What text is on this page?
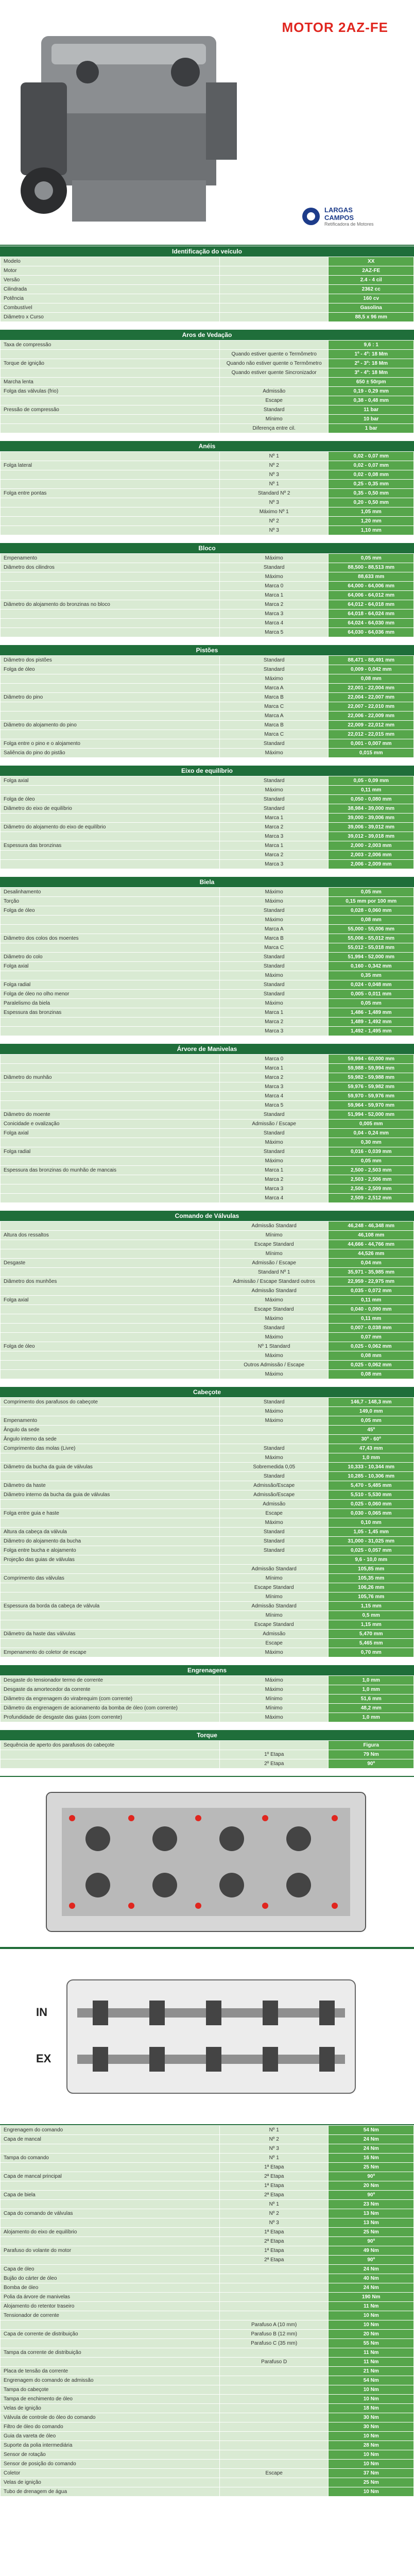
MOTOR 2AZ-FE
LARGAS
CAMPOS
Retificadora de Motores
Identificação do veículo
Modelo		XX
Motor		2AZ-FE
Versão		2.4 - 4 cil
Cilindrada		2362 cc
Potência		160 cv
Combustível		Gasolina
Diâmetro x Curso		88,5 x 96 mm
Aros de Vedação
Taxa de compressão		9,6 : 1
	Quando estiver quente o Termômetro	1º - 4º: 18 Mm
Torque de ignição	Quando não estiver quente o Termômetro	2º - 3º: 18 Mm
	Quando estiver quente Sincronizador	3º - 4º: 18 Mm
Marcha lenta		650 ± 50rpm
Folga das válvulas (frio)	Admissão	0,19 - 0,29 mm
	Escape	0,38 - 0,48 mm
Pressão de compressão	Standard	11 bar
	Mínimo	10 bar
	Diferença entre cil.	1 bar
Anéis
	Nº 1	0,02 - 0,07 mm
Folga lateral	Nº 2	0,02 - 0,07 mm
	Nº 3	0,02 - 0,08 mm
	Nº 1	0,25 - 0,35 mm
Folga entre pontas	Standard Nº 2	0,35 - 0,50 mm
	Nº 3	0,20 - 0,50 mm
	Máximo Nº 1	1,05 mm
	Nº 2	1,20 mm
	Nº 3	1,10 mm
Bloco
Empenamento	Máximo	0,05 mm
Diâmetro dos cilindros	Standard	88,500 - 88,513 mm
	Máximo	88,633 mm
	Marca 0	64,000 - 64,006 mm
	Marca 1	64,006 - 64,012 mm
Diâmetro do alojamento do bronzinas no bloco	Marca 2	64,012 - 64,018 mm
	Marca 3	64,018 - 64,024 mm
	Marca 4	64,024 - 64,030 mm
	Marca 5	64,030 - 64,036 mm
Pistões
Diâmetro dos pistões	Standard	88,471 - 88,491 mm
Folga de óleo	Standard	0,009 - 0,042 mm
	Máximo	0,08 mm
	Marca A	22,001 - 22,004 mm
Diâmetro do pino	Marca B	22,004 - 22,007 mm
	Marca C	22,007 - 22,010 mm
	Marca A	22,006 - 22,009 mm
Diâmetro do alojamento do pino	Marca B	22,009 - 22,012 mm
	Marca C	22,012 - 22,015 mm
Folga entre o pino e o alojamento	Standard	0,001 - 0,007 mm
Saliência do pino do pistão	Máximo	0,015 mm
Eixo de equilíbrio
Folga axial	Standard	0,05 - 0,09 mm
	Máximo	0,11 mm
Folga de óleo	Standard	0,050 - 0,080 mm
Diâmetro do eixo de equilíbrio	Standard	38,984 - 39,000 mm
	Marca 1	39,000 - 39,006 mm
Diâmetro do alojamento do eixo de equilíbrio	Marca 2	39,006 - 39,012 mm
	Marca 3	39,012 - 39,018 mm
Espessura das bronzinas	Marca 1	2,000 - 2,003 mm
	Marca 2	2,003 - 2,006 mm
	Marca 3	2,006 - 2,009 mm
Biela
Desalinhamento	Máximo	0,05 mm
Torção	Máximo	0,15 mm por 100 mm
Folga de óleo	Standard	0,028 - 0,060 mm
	Máximo	0,08 mm
	Marca A	55,000 - 55,006 mm
Diâmetro dos colos dos moentes	Marca B	55,006 - 55,012 mm
	Marca C	55,012 - 55,018 mm
Diâmetro do colo	Standard	51,994 - 52,000 mm
Folga axial	Standard	0,160 - 0,342 mm
	Máximo	0,35 mm
Folga radial	Standard	0,024 - 0,048 mm
Folga de óleo no olho menor	Standard	0,005 - 0,011 mm
Paralelismo da biela	Máximo	0,05 mm
Espessura das bronzinas	Marca 1	1,486 - 1,489 mm
	Marca 2	1,489 - 1,492 mm
	Marca 3	1,492 - 1,495 mm
Árvore de Manivelas
	Marca 0	59,994 - 60,000 mm
	Marca 1	59,988 - 59,994 mm
Diâmetro do munhão	Marca 2	59,982 - 59,988 mm
	Marca 3	59,976 - 59,982 mm
	Marca 4	59,970 - 59,976 mm
	Marca 5	59,964 - 59,970 mm
Diâmetro do moente	Standard	51,994 - 52,000 mm
Conicidade e ovalização	Admissão / Escape	0,005 mm
Folga axial	Standard	0,04 - 0,24 mm
	Máximo	0,30 mm
Folga radial	Standard	0,016 - 0,039 mm
	Máximo	0,05 mm
Espessura das bronzinas do munhão de mancais	Marca 1	2,500 - 2,503 mm
	Marca 2	2,503 - 2,506 mm
	Marca 3	2,506 - 2,509 mm
	Marca 4	2,509 - 2,512 mm
Comando de Válvulas
	Admissão Standard	46,248 - 46,348 mm
Altura dos ressaltos	Mínimo	46,108 mm
	Escape Standard	44,666 - 44,766 mm
	Mínimo	44,526 mm
Desgaste	Admissão / Escape	0,04 mm
	Standard Nº 1	35,971 - 35,985 mm
Diâmetro dos munhões	Admissão / Escape Standard outros	22,959 - 22,975 mm
	Admissão Standard	0,035 - 0,072 mm
Folga axial	Máximo	0,11 mm
	Escape Standard	0,040 - 0,090 mm
	Máximo	0,11 mm
	Standard	0,007 - 0,038 mm
	Máximo	0,07 mm
Folga de óleo	Nº 1 Standard	0,025 - 0,062 mm
	Máximo	0,08 mm
	Outros Admissão / Escape	0,025 - 0,062 mm
	Máximo	0,08 mm
Cabeçote
Comprimento dos parafusos do cabeçote	Standard	146,7 - 148,3 mm
	Máximo	149,0 mm
Empenamento	Máximo	0,05 mm
Ângulo da sede		45º
Ângulo interno da sede		30º - 60º
Comprimento das molas (Livre)	Standard	47,43 mm
	Máximo	1,0 mm
Diâmetro da bucha da guia de válvulas	Sobremedida 0,05	10,333 - 10,344 mm
	Standard	10,285 - 10,306 mm
Diâmetro da haste	Admissão/Escape	5,470 - 5,485 mm
Diâmetro interno da bucha da guia de válvulas	Admissão/Escape	5,510 - 5,530 mm
	Admissão	0,025 - 0,060 mm
Folga entre guia e haste	Escape	0,030 - 0,065 mm
	Máximo	0,10 mm
Altura da cabeça da válvula	Standard	1,05 - 1,45 mm
Diâmetro do alojamento da bucha	Standard	31,000 - 31,025 mm
Folga entre bucha e alojamento	Standard	0,025 - 0,057 mm
Projeção das guias de válvulas		9,6 - 10,0 mm
	Admissão Standard	105,85 mm
Comprimento das válvulas	Mínimo	105,35 mm
	Escape Standard	106,26 mm
	Mínimo	105,76 mm
Espessura da borda da cabeça de válvula	Admissão Standard	1,15 mm
	Mínimo	0,5 mm
	Escape Standard	1,15 mm
Diâmetro da haste das válvulas	Admissão	5,470 mm
	Escape	5,465 mm
Empenamento do coletor de escape	Máximo	0,70 mm
Engrenagens
Desgaste do tensionador termo de corrente	Máximo	1,0 mm
Desgaste da amortecedor da corrente	Máximo	1,0 mm
Diâmetro da engrenagem do virabrequim (com corrente)	Mínimo	51,6 mm
Diâmetro da engrenagem de acionamento da bomba de óleo (com corrente)	Mínimo	48,2 mm
Profundidade de desgaste das guias (com corrente)	Máximo	1,0 mm
Torque
Sequência de aperto dos parafusos do cabeçote		Figura
	1º Etapa	79 Nm
	2º Etapa	90º
IN
EX
Engrenagem do comando	Nº 1	54 Nm
Capa de mancal	Nº 2	24 Nm
	Nº 3	24 Nm
Tampa do comando	Nº 1	16 Nm
	1ª Etapa	25 Nm
Capa de mancal principal	2ª Etapa	90º
	1ª Etapa	20 Nm
Capa de biela	2ª Etapa	90º
	Nº 1	23 Nm
Capa do comando de válvulas	Nº 2	13 Nm
	Nº 3	13 Nm
Alojamento do eixo de equilíbrio	1ª Etapa	25 Nm
	2ª Etapa	90º
Parafuso do volante do motor	1ª Etapa	49 Nm
	2ª Etapa	90º
Capa de óleo		24 Nm
Bujão do cárter de óleo		40 Nm
Bomba de óleo		24 Nm
Polia da árvore de manivelas		190 Nm
Alojamento do retentor traseiro		11 Nm
Tensionador de corrente		10 Nm
	Parafuso A (10 mm)	10 Nm
Capa de corrente de distribuição	Parafuso B (12 mm)	20 Nm
	Parafuso C (35 mm)	55 Nm
Tampa da corrente de distribuição		11 Nm
	Parafuso D	11 Nm
Placa de tensão da corrente		21 Nm
Engrenagem do comando de admissão		54 Nm
Tampa do cabeçote		10 Nm
Tampa de enchimento de óleo		10 Nm
Velas de ignição		18 Nm
Válvula de controle do óleo do comando		30 Nm
Filtro de óleo do comando		30 Nm
Guia da vareta de óleo		10 Nm
Suporte da polia intermediária		28 Nm
Sensor de rotação		10 Nm
Sensor de posição do comando		10 Nm
Coletor	Escape	37 Nm
Velas de ignição		25 Nm
Tubo de drenagem de água		10 Nm
